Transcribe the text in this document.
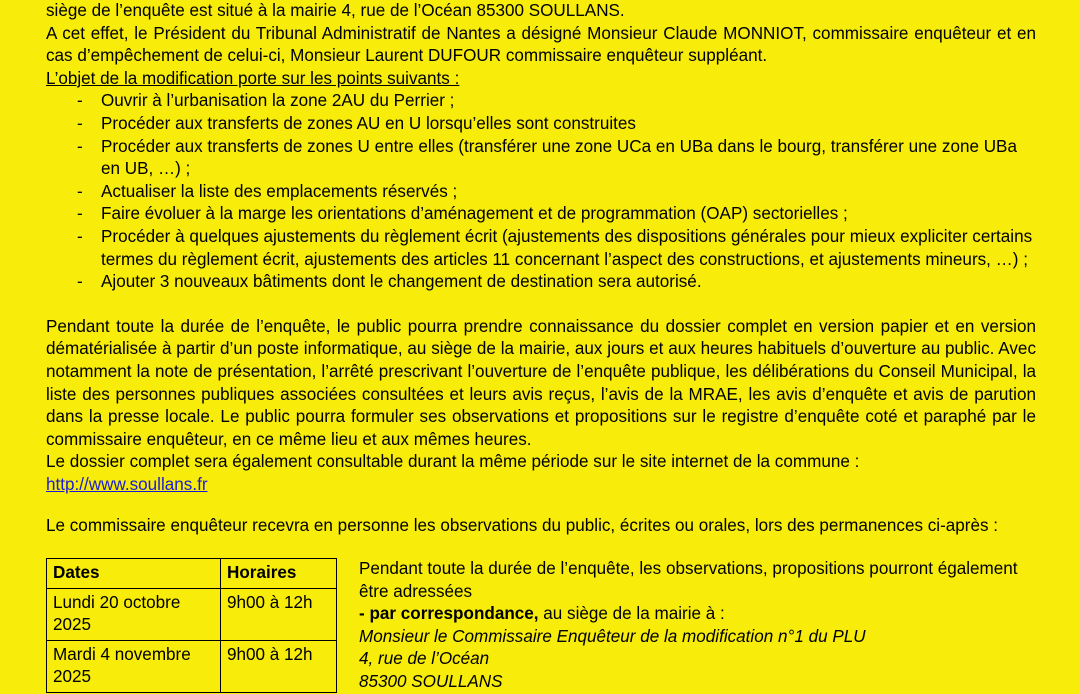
siège de l’enquête est situé à la mairie 4, rue de l’Océan 85300 SOULLANS.

A cet effet, le Président du Tribunal Administratif de Nantes a désigné Monsieur Claude MONNIOT, commissaire enquêteur et en cas d’empêchement de celui-ci, Monsieur Laurent DUFOUR commissaire enquêteur suppléant.

L’objet de la modification porte sur les points suivants :

- Ouvrir à l’urbanisation la zone 2AU du Perrier ;
- Procéder aux transferts de zones AU en U lorsqu’elles sont construites
- Procéder aux transferts de zones U entre elles (transférer une zone UCa en UBa dans le bourg, transférer une zone UBa en UB, …) ;
- Actualiser la liste des emplacements réservés ;
- Faire évoluer à la marge les orientations d’aménagement et de programmation (OAP) sectorielles ;
- Procéder à quelques ajustements du règlement écrit (ajustements des dispositions générales pour mieux expliciter certains termes du règlement écrit, ajustements des articles 11 concernant l’aspect des constructions, et ajustements mineurs, …) ;
- Ajouter 3 nouveaux bâtiments dont le changement de destination sera autorisé.

Pendant toute la durée de l’enquête, le public pourra prendre connaissance du dossier complet en version papier et en version dématérialisée à partir d’un poste informatique, au siège de la mairie, aux jours et aux heures habituels d’ouverture au public. Avec notamment la note de présentation, l’arrêté prescrivant l’ouverture de l’enquête publique, les délibérations du Conseil Municipal, la liste des personnes publiques associées consultées et leurs avis reçus, l’avis de la MRAE, les avis d’enquête et avis de parution dans la presse locale. Le public pourra formuler ses observations et propositions sur le registre d’enquête coté et paraphé par le commissaire enquêteur, en ce même lieu et aux mêmes heures.

Le dossier complet sera également consultable durant la même période sur le site internet de la commune :

http://www.soullans.fr

Le commissaire enquêteur recevra en personne les observations du public, écrites ou orales, lors des permanences ci-après :

Dates	Horaires
Lundi 20 octobre 2025	9h00 à 12h
Mardi 4 novembre 2025	9h00 à 12h

Pendant toute la durée de l’enquête, les observations, propositions pourront également être adressées

- par correspondance, au siège de la mairie à :

Monsieur le Commissaire Enquêteur de la modification n°1 du PLU

4, rue de l’Océan

85300 SOULLANS
